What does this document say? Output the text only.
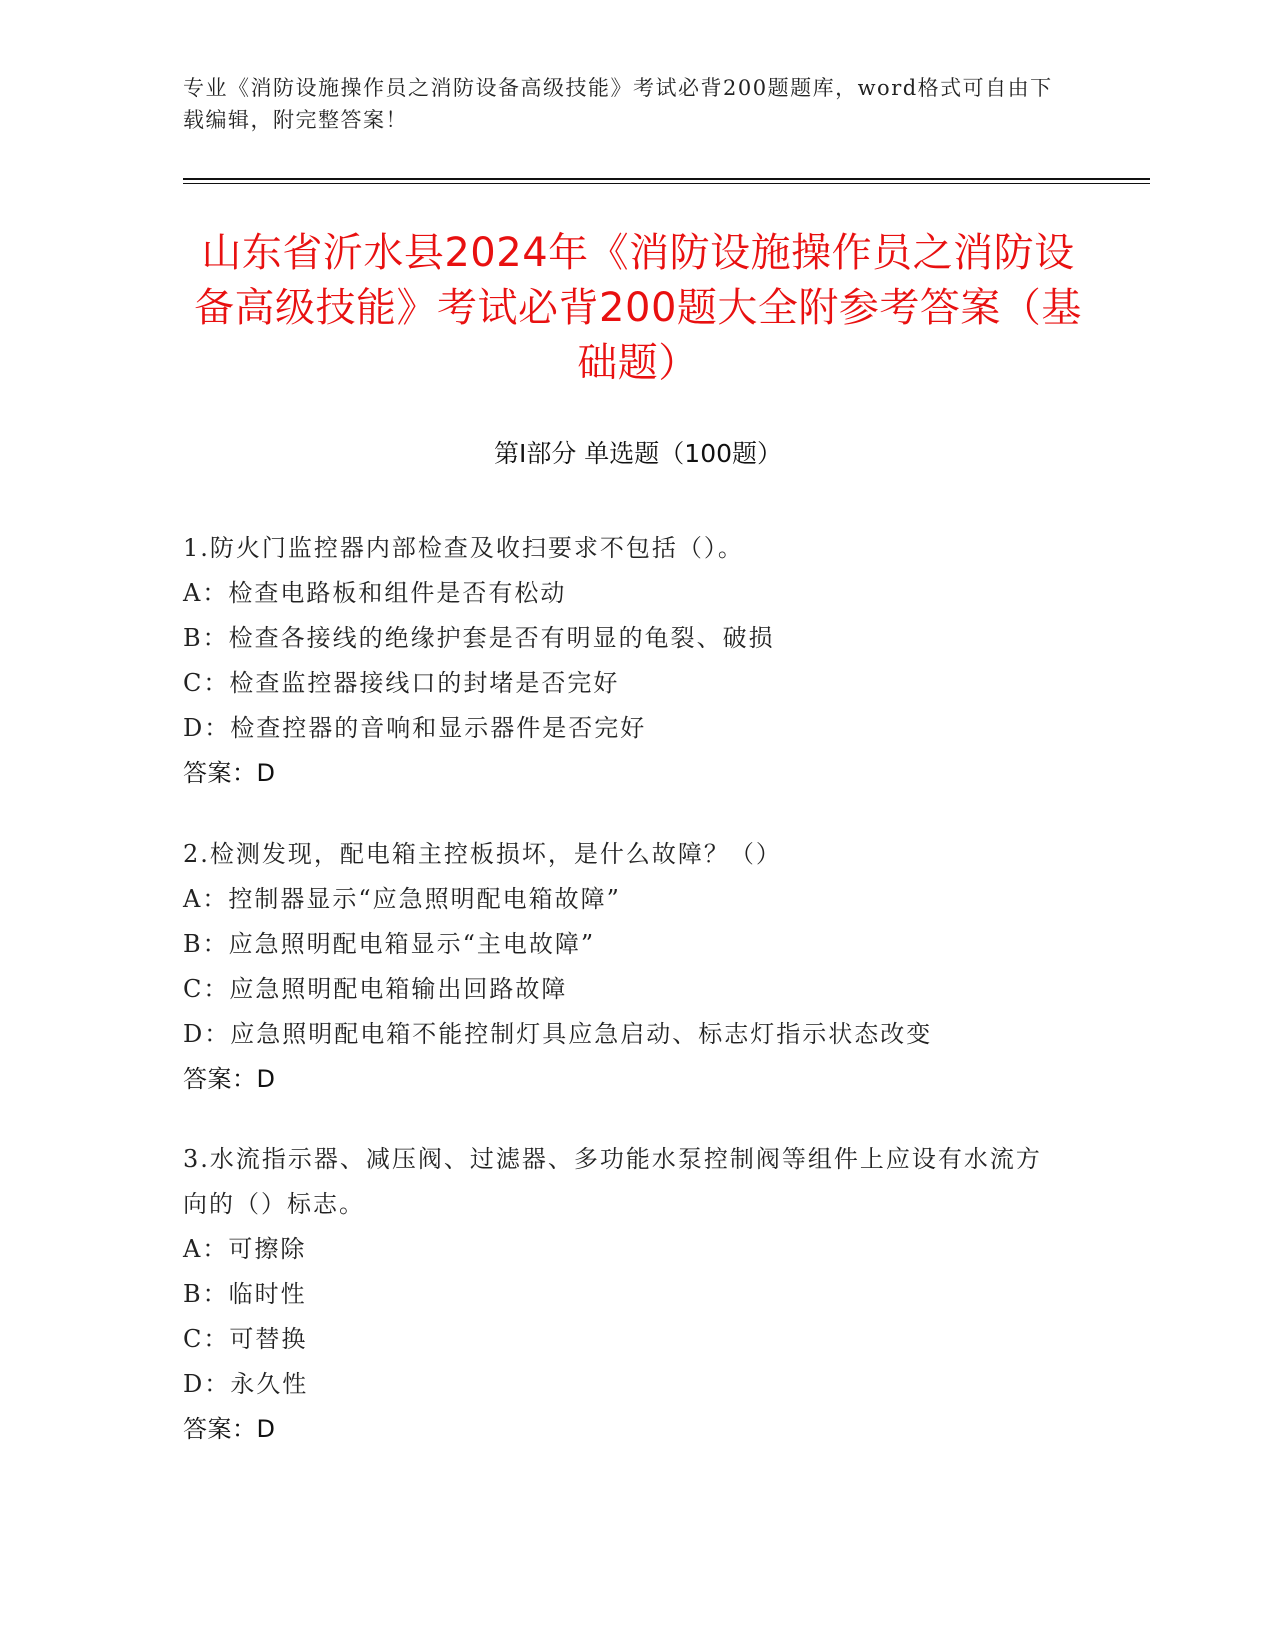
专业《消防设施操作员之消防设备高级技能》考试必背200题题库，word格式可自由下载编辑，附完整答案！
山东省沂水县2024年《消防设施操作员之消防设备高级技能》考试必背200题大全附参考答案（基础题）
第I部分 单选题（100题）
1.防火门监控器内部检查及收扫要求不包括（）。
A：检查电路板和组件是否有松动
B：检查各接线的绝缘护套是否有明显的龟裂、破损
C：检查监控器接线口的封堵是否完好
D：检查控器的音响和显示器件是否完好
答案：D
2.检测发现，配电箱主控板损坏，是什么故障？（）
A：控制器显示“应急照明配电箱故障”
B：应急照明配电箱显示“主电故障”
C：应急照明配电箱输出回路故障
D：应急照明配电箱不能控制灯具应急启动、标志灯指示状态改变
答案：D
3.水流指示器、减压阀、过滤器、多功能水泵控制阀等组件上应设有水流方向的（）标志。
A：可擦除
B：临时性
C：可替换
D：永久性
答案：D
